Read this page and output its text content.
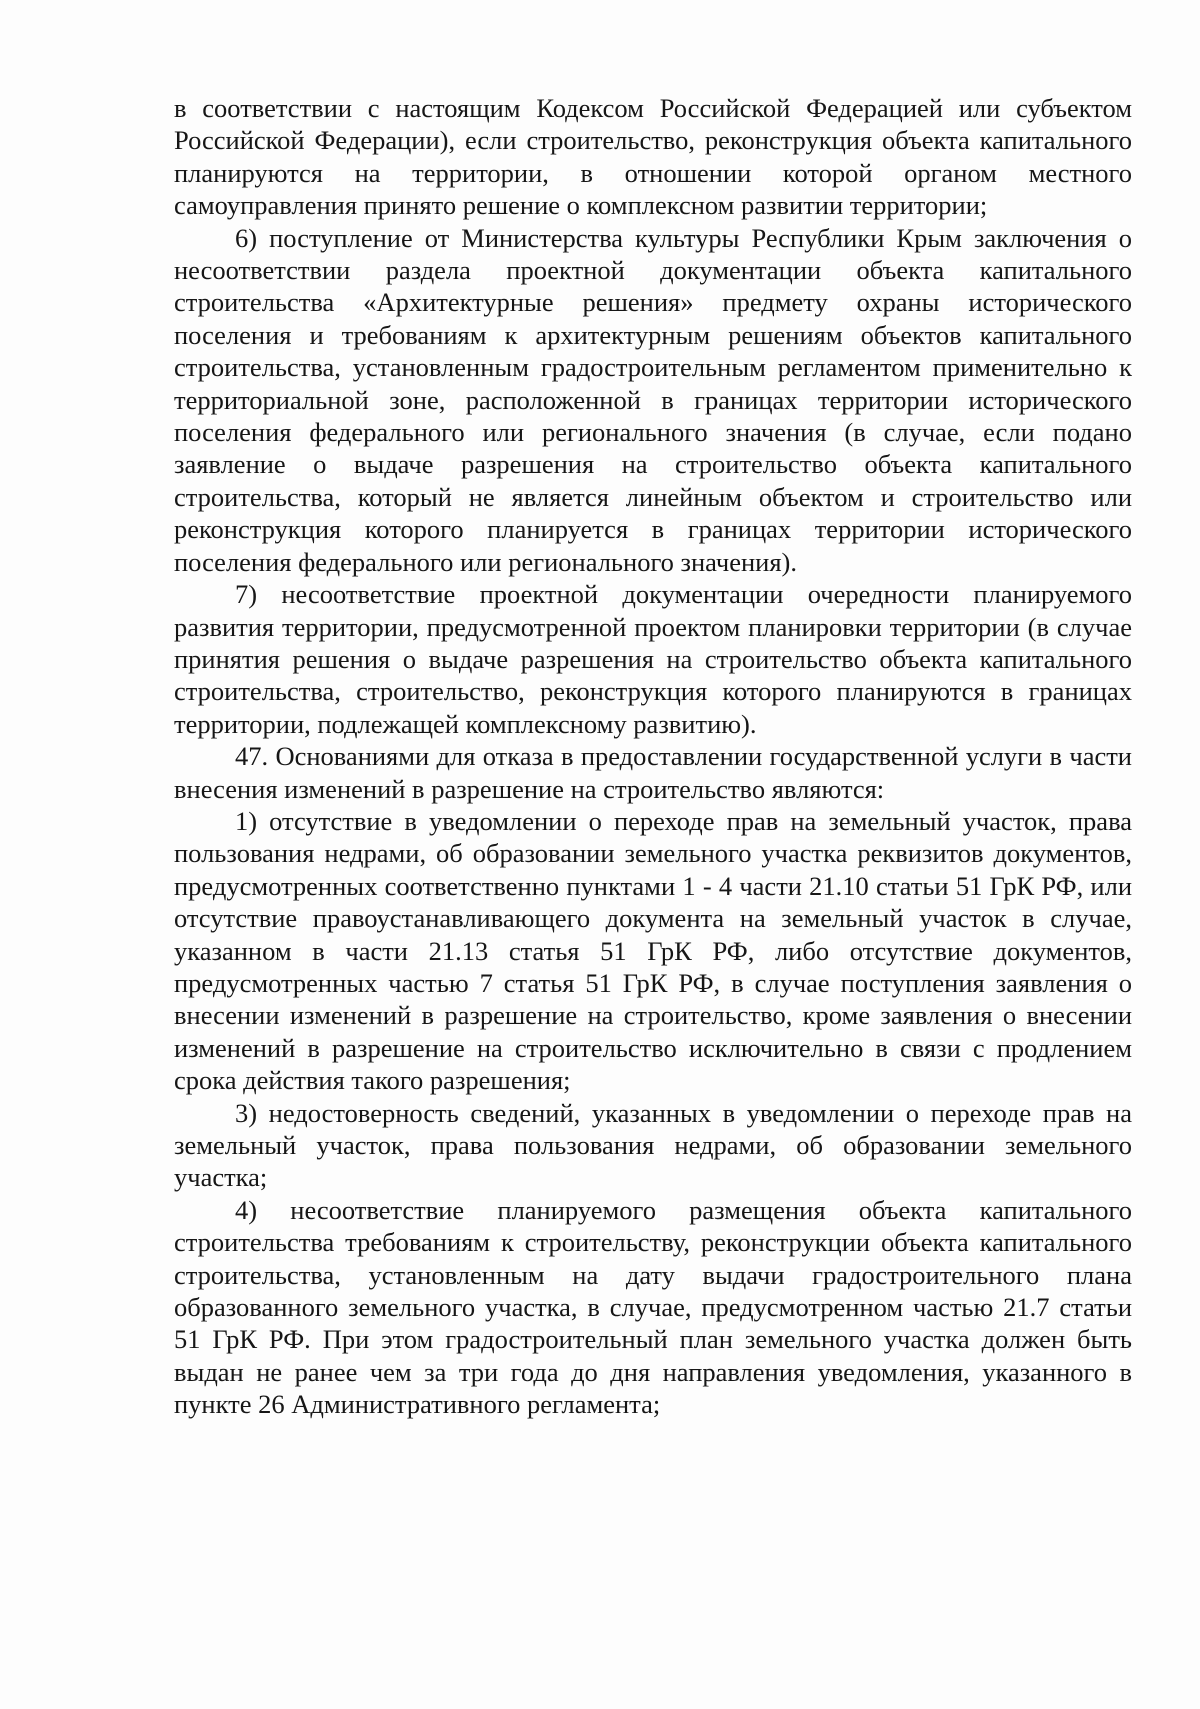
в соответствии с настоящим Кодексом Российской Федерацией или субъектом Российской Федерации), если строительство, реконструкция объекта капитального планируются на территории, в отношении которой органом местного самоуправления принято решение о комплексном развитии территории;

6) поступление от Министерства культуры Республики Крым заключения о несоответствии раздела проектной документации объекта капитального строительства «Архитектурные решения» предмету охраны исторического поселения и требованиям к архитектурным решениям объектов капитального строительства, установленным градостроительным регламентом применительно к территориальной зоне, расположенной в границах территории исторического поселения федерального или регионального значения (в случае, если подано заявление о выдаче разрешения на строительство объекта капитального строительства, который не является линейным объектом и строительство или реконструкция которого планируется в границах территории исторического поселения федерального или регионального значения).

7) несоответствие проектной документации очередности планируемого развития территории, предусмотренной проектом планировки территории (в случае принятия решения о выдаче разрешения на строительство объекта капитального строительства, строительство, реконструкция которого планируются в границах территории, подлежащей комплексному развитию).

47. Основаниями для отказа в предоставлении государственной услуги в части внесения изменений в разрешение на строительство являются:

1) отсутствие в уведомлении о переходе прав на земельный участок, права пользования недрами, об образовании земельного участка реквизитов документов, предусмотренных соответственно пунктами 1 - 4 части 21.10 статьи 51 ГрК РФ, или отсутствие правоустанавливающего документа на земельный участок в случае, указанном в части 21.13 статья 51 ГрК РФ, либо отсутствие документов, предусмотренных частью 7 статья 51 ГрК РФ, в случае поступления заявления о внесении изменений в разрешение на строительство, кроме заявления о внесении изменений в разрешение на строительство исключительно в связи с продлением срока действия такого разрешения;

3) недостоверность сведений, указанных в уведомлении о переходе прав на земельный участок, права пользования недрами, об образовании земельного участка;

4) несоответствие планируемого размещения объекта капитального строительства требованиям к строительству, реконструкции объекта капитального строительства, установленным на дату выдачи градостроительного плана образованного земельного участка, в случае, предусмотренном частью 21.7 статьи 51 ГрК РФ. При этом градостроительный план земельного участка должен быть выдан не ранее чем за три года до дня направления уведомления, указанного в пункте 26 Административного регламента;
